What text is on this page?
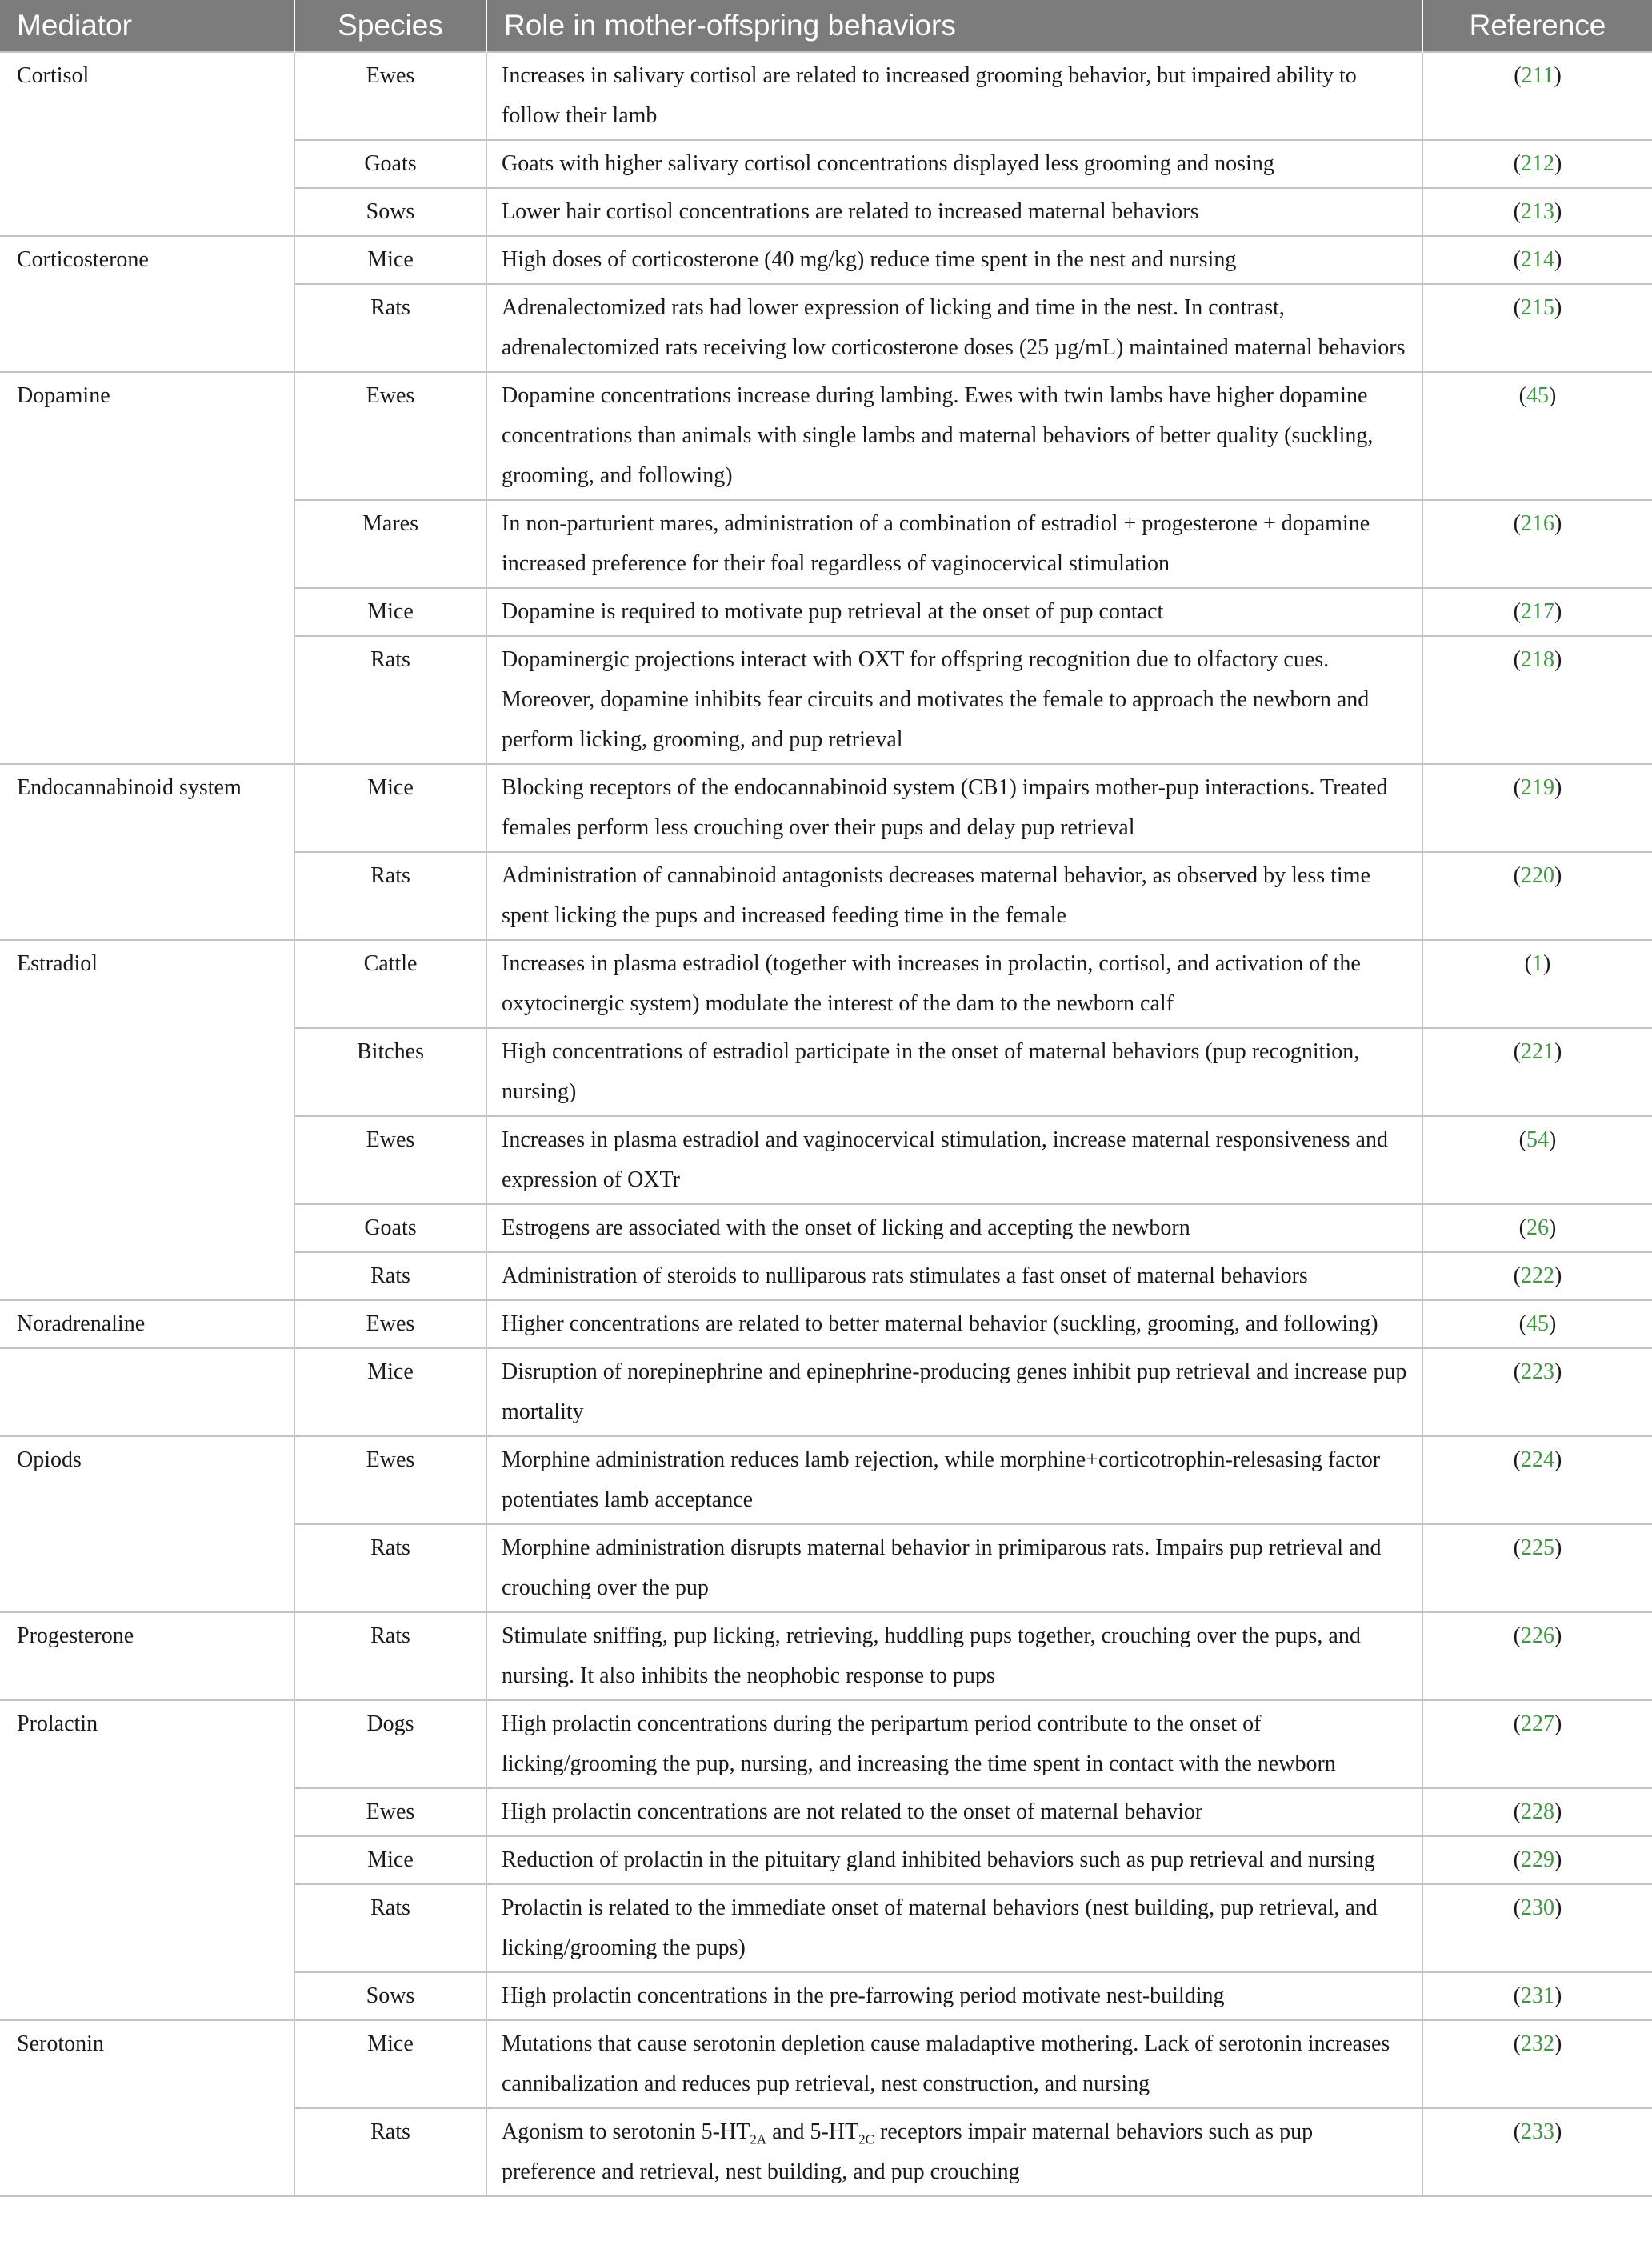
Mediator	Species	Role in mother-offspring behaviors	Reference
Cortisol	Ewes	Increases in salivary cortisol are related to increased grooming behavior, but impaired ability to follow their lamb	(211)
	Goats	Goats with higher salivary cortisol concentrations displayed less grooming and nosing	(212)
	Sows	Lower hair cortisol concentrations are related to increased maternal behaviors	(213)
Corticosterone	Mice	High doses of corticosterone (40 mg/kg) reduce time spent in the nest and nursing	(214)
	Rats	Adrenalectomized rats had lower expression of licking and time in the nest. In contrast, adrenalectomized rats receiving low corticosterone doses (25 µg/mL) maintained maternal behaviors	(215)
Dopamine	Ewes	Dopamine concentrations increase during lambing. Ewes with twin lambs have higher dopamine concentrations than animals with single lambs and maternal behaviors of better quality (suckling, grooming, and following)	(45)
	Mares	In non-parturient mares, administration of a combination of estradiol + progesterone + dopamine increased preference for their foal regardless of vaginocervical stimulation	(216)
	Mice	Dopamine is required to motivate pup retrieval at the onset of pup contact	(217)
	Rats	Dopaminergic projections interact with OXT for offspring recognition due to olfactory cues. Moreover, dopamine inhibits fear circuits and motivates the female to approach the newborn and perform licking, grooming, and pup retrieval	(218)
Endocannabinoid system	Mice	Blocking receptors of the endocannabinoid system (CB1) impairs mother-pup interactions. Treated females perform less crouching over their pups and delay pup retrieval	(219)
	Rats	Administration of cannabinoid antagonists decreases maternal behavior, as observed by less time spent licking the pups and increased feeding time in the female	(220)
Estradiol	Cattle	Increases in plasma estradiol (together with increases in prolactin, cortisol, and activation of the oxytocinergic system) modulate the interest of the dam to the newborn calf	(1)
	Bitches	High concentrations of estradiol participate in the onset of maternal behaviors (pup recognition, nursing)	(221)
	Ewes	Increases in plasma estradiol and vaginocervical stimulation, increase maternal responsiveness and expression of OXTr	(54)
	Goats	Estrogens are associated with the onset of licking and accepting the newborn	(26)
	Rats	Administration of steroids to nulliparous rats stimulates a fast onset of maternal behaviors	(222)
Noradrenaline	Ewes	Higher concentrations are related to better maternal behavior (suckling, grooming, and following)	(45)
	Mice	Disruption of norepinephrine and epinephrine-producing genes inhibit pup retrieval and increase pup mortality	(223)
Opiods	Ewes	Morphine administration reduces lamb rejection, while morphine+corticotrophin-relesasing factor potentiates lamb acceptance	(224)
	Rats	Morphine administration disrupts maternal behavior in primiparous rats. Impairs pup retrieval and crouching over the pup	(225)
Progesterone	Rats	Stimulate sniffing, pup licking, retrieving, huddling pups together, crouching over the pups, and nursing. It also inhibits the neophobic response to pups	(226)
Prolactin	Dogs	High prolactin concentrations during the peripartum period contribute to the onset of licking/grooming the pup, nursing, and increasing the time spent in contact with the newborn	(227)
	Ewes	High prolactin concentrations are not related to the onset of maternal behavior	(228)
	Mice	Reduction of prolactin in the pituitary gland inhibited behaviors such as pup retrieval and nursing	(229)
	Rats	Prolactin is related to the immediate onset of maternal behaviors (nest building, pup retrieval, and licking/grooming the pups)	(230)
	Sows	High prolactin concentrations in the pre-farrowing period motivate nest-building	(231)
Serotonin	Mice	Mutations that cause serotonin depletion cause maladaptive mothering. Lack of serotonin increases cannibalization and reduces pup retrieval, nest construction, and nursing	(232)
	Rats	Agonism to serotonin $5-HT_{2A}$ and $5-HT_{2C}$ receptors impair maternal behaviors such as pup preference and retrieval, nest building, and pup crouching	(233)
